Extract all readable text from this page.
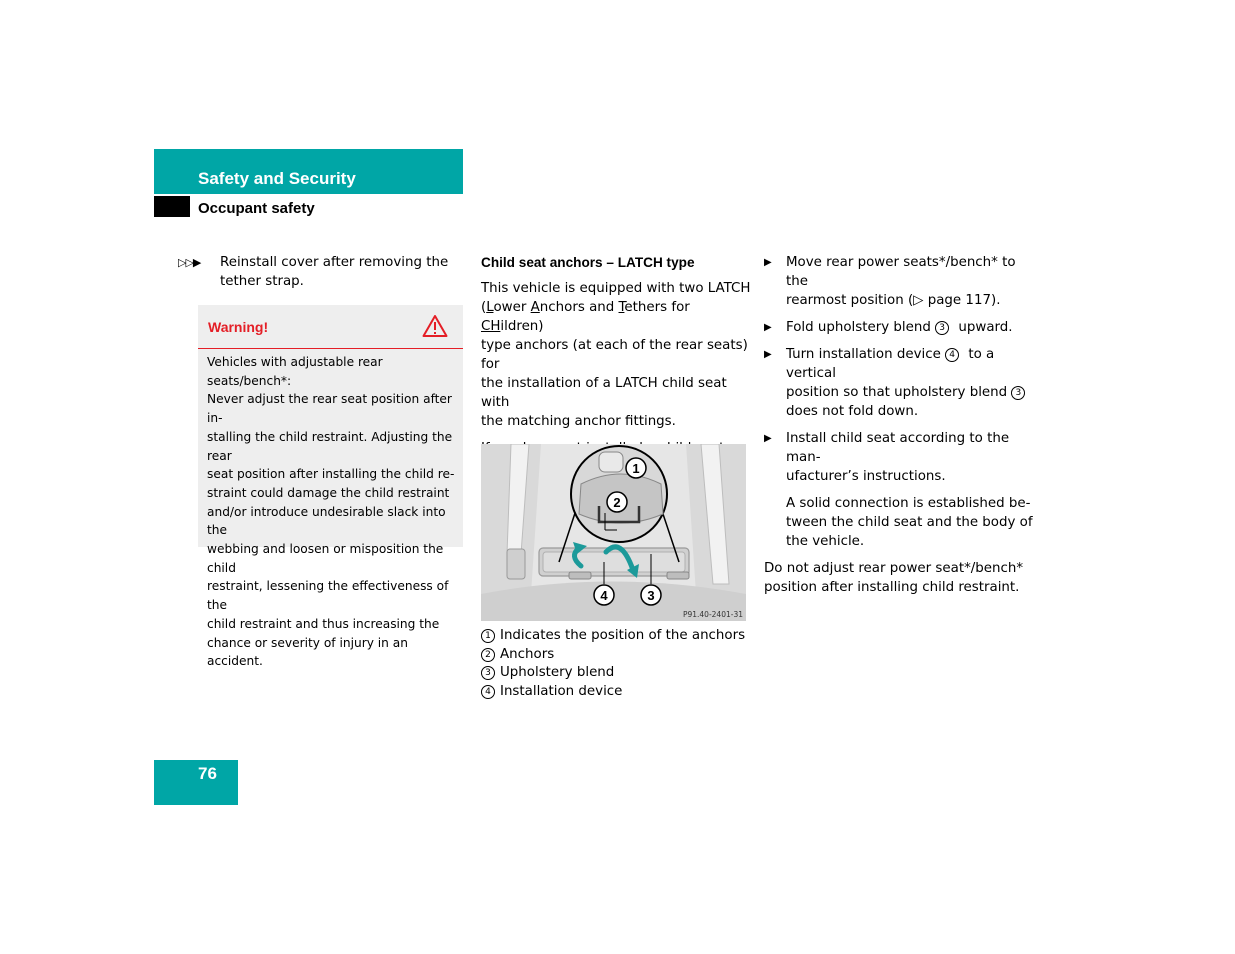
Safety and Security
Occupant safety
▷▷▶ Reinstall cover after removing the
tether strap.
Warning!
Vehicles with adjustable rear seats/bench*:
Never adjust the rear seat position after in-
stalling the child restraint. Adjusting the rear
seat position after installing the child re-
straint could damage the child restraint
and/or introduce undesirable slack into the
webbing and loosen or misposition the child
restraint, lessening the effectiveness of the
child restraint and thus increasing the
chance or severity of injury in an accident.
Child seat anchors – LATCH type
This vehicle is equipped with two LATCH
(Lower Anchors and Tethers for CHildren)
type anchors (at each of the rear seats) for
the installation of a LATCH child seat with
the matching anchor fittings.
1
2
3
4
P91.40-2401-31
1 Indicates the position of the anchors
2 Anchors
3 Upholstery blend
4 Installation device
▶ Move rear power seats*/bench* to the
rearmost position (▷ page 117).
▶ Fold upholstery blend 3 upward.
▶ Turn installation device 4 to a vertical
position so that upholstery blend 3
does not fold down.
▶ Install child seat according to the man-
ufacturer’s instructions.
A solid connection is established be-
tween the child seat and the body of
the vehicle.
Do not adjust rear power seat*/bench*
position after installing child restraint.
76
